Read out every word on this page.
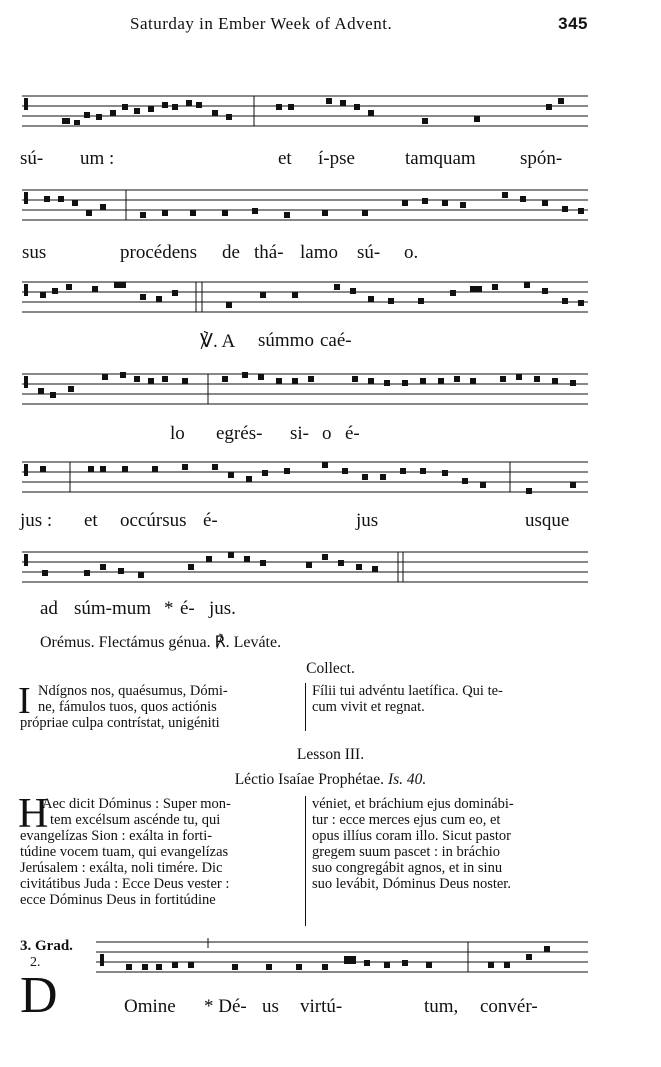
Saturday in Ember Week of Advent.	345
sú- um :	et í-pse	tamquam spón-
sus	procédens de thá- lamo sú- o.
℣. A súmmo caé-
lo egrés- si- o é-
jus : et occúrsus é-	jus	usque
ad súm-mum * é- jus.
Orémus. Flectámus génua. ℟. Leváte.
Collect.
I Ndígnos nos, quaésumus, Dómi-

ne, fámulos tuos, quos actiónis

própriae culpa contrístat, unigéniti

Fílii tui advéntu laetífica. Qui te-

cum vivit et regnat.

Lesson III.
Léctio Isaíae Prophétae. Is. 40.
H

Aec dicit Dóminus : Super mon-

tem excélsum ascénde tu, qui

evangelízas Sion : exálta in forti-

túdine vocem tuam, qui evangelízas

Jerúsalem : exálta, noli timére. Dic

civitátibus Juda : Ecce Deus vester :

ecce Dóminus Deus in fortitúdine

véniet, et bráchium ejus dominábi-

tur : ecce merces ejus cum eo, et

opus illíus coram illo. Sicut pastor

gregem suum pascet : in bráchio

suo congregábit agnos, et in sinu

suo levábit, Dóminus Deus noster.

3. Grad.
2.
D	Omine * Dé- us virtú-	tum, convér-
